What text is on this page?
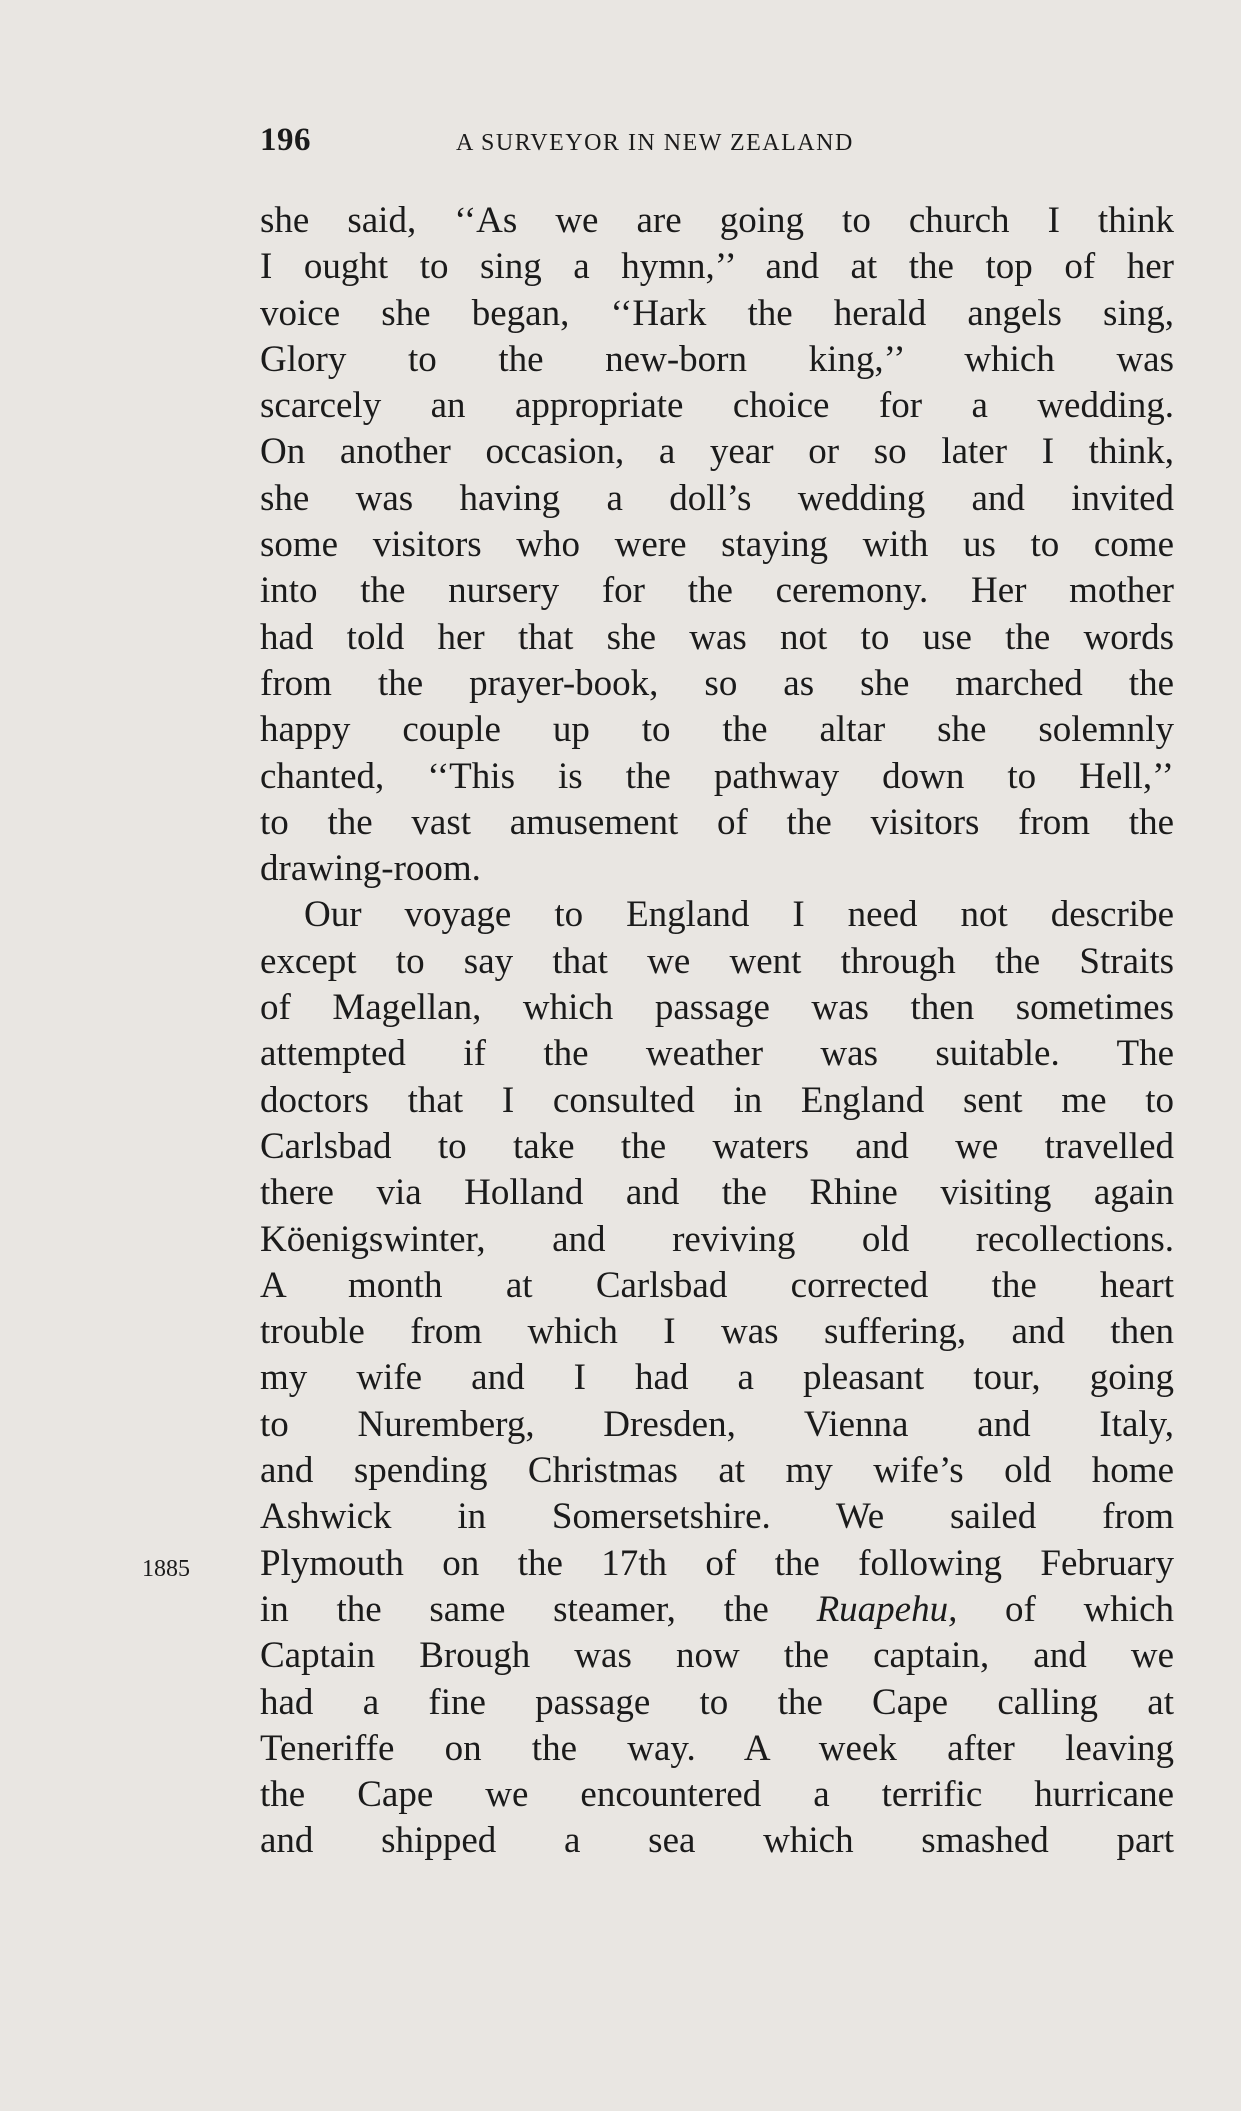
196	A SURVEYOR IN NEW ZEALAND
1885
she said, ‘‘As we are going to church I think
I ought to sing a hymn,’’ and at the top of her
voice she began, ‘‘Hark the herald angels sing,
Glory to the new-born king,’’ which was
scarcely an appropriate choice for a wedding.
On another occasion, a year or so later I think,
she was having a doll’s wedding and invited
some visitors who were staying with us to come
into the nursery for the ceremony. Her mother
had told her that she was not to use the words
from the prayer-book, so as she marched the
happy couple up to the altar she solemnly
chanted, ‘‘This is the pathway down to Hell,’’
to the vast amusement of the visitors from the
drawing-room.
Our voyage to England I need not describe
except to say that we went through the Straits
of Magellan, which passage was then sometimes
attempted if the weather was suitable. The
doctors that I consulted in England sent me to
Carlsbad to take the waters and we travelled
there via Holland and the Rhine visiting again
Köenigswinter, and reviving old recollections.
A month at Carlsbad corrected the heart
trouble from which I was suffering, and then
my wife and I had a pleasant tour, going
to Nuremberg, Dresden, Vienna and Italy,
and spending Christmas at my wife’s old home
Ashwick in Somersetshire. We sailed from
Plymouth on the 17th of the following February
in the same steamer, the Ruapehu, of which
Captain Brough was now the captain, and we
had a fine passage to the Cape calling at
Teneriffe on the way. A week after leaving
the Cape we encountered a terrific hurricane
and shipped a sea which smashed part
